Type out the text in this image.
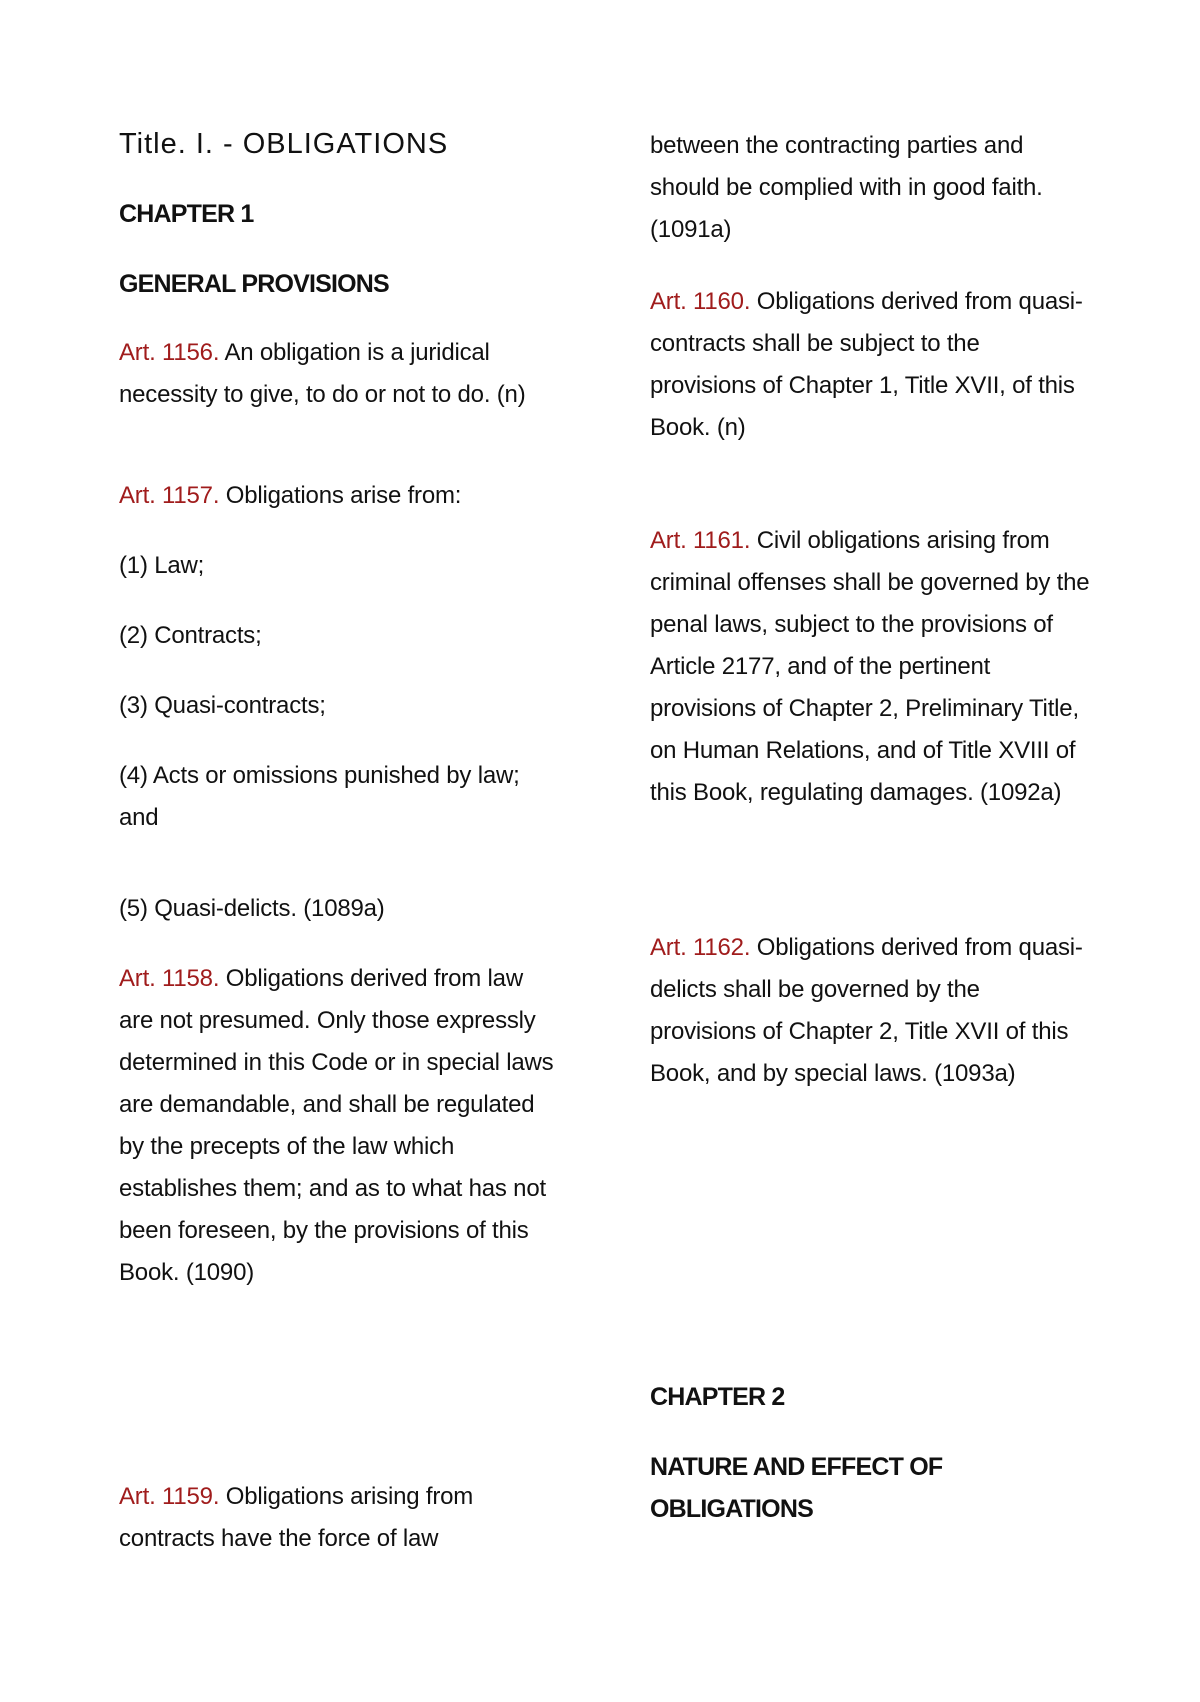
Title. I. - OBLIGATIONS
CHAPTER 1
GENERAL PROVISIONS

Art. 1156. An obligation is a juridical necessity to give, to do or not to do. (n)

Art. 1157. Obligations arise from:

(1) Law;

(2) Contracts;

(3) Quasi-contracts;

(4) Acts or omissions punished by law; and

(5) Quasi-delicts. (1089a)

Art. 1158. Obligations derived from law are not presumed. Only those expressly determined in this Code or in special laws are demandable, and shall be regulated by the precepts of the law which establishes them; and as to what has not been foreseen, by the provisions of this Book. (1090)

Art. 1159. Obligations arising from contracts have the force of law

between the contracting parties and should be complied with in good faith. (1091a)

Art. 1160. Obligations derived from quasi-contracts shall be subject to the provisions of Chapter 1, Title XVII, of this Book. (n)

Art. 1161. Civil obligations arising from criminal offenses shall be governed by the penal laws, subject to the provisions of Article 2177, and of the pertinent provisions of Chapter 2, Preliminary Title, on Human Relations, and of Title XVIII of this Book, regulating damages. (1092a)

Art. 1162. Obligations derived from quasi-delicts shall be governed by the provisions of Chapter 2, Title XVII of this Book, and by special laws. (1093a)

CHAPTER 2
NATURE AND EFFECT OF OBLIGATIONS
